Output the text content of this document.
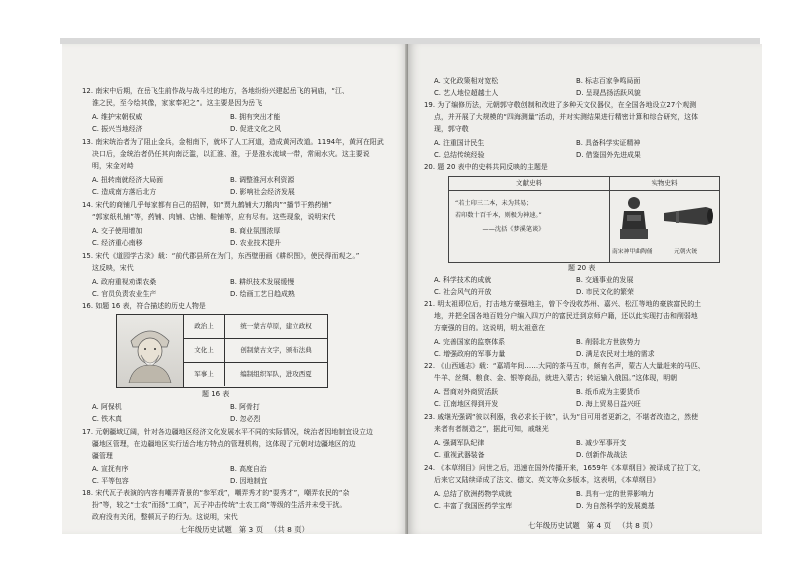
12. 南宋中后期，在岳飞生前作战与战斗过的地方，各地纷纷兴建起岳飞的祠庙，“江、
淮之民，至今绘其像，家家奉祀之”。这主要是因为岳飞
A. 维护宋朝权威	B. 拥有突出才能
C. 振兴当地经济	D. 促进文化之风
13. 南宋统治者为了阻止金兵，金相南下，就坏了人工河道，造成黄河改道。1194年，黄河在阳武
决口后，金统治者仍任其向南泛滥，以汇淮、淮，于是淮水流域一带，常闹水灾。这主要说
明，宋金对峙
A. 扭转南就经济大局面	B. 调整淮河水利资源
C. 造成南方落后北方	D. 影响社会经济发展
14. 宋代的商铺几乎每家都有自己的招牌，如“贾九鹤铺大刀鹅肉”“播节干熟药铺”
“郭家纸札铺”等，药铺、肉铺、店铺、鞋铺等，应有尽有。这些现象，说明宋代
A. 交子使用增加	B. 商业氛围浓厚
C. 经济重心南移	D. 农业技术提升
15. 宋代《道园学古录》载：“前代郡县所在为门，东西壁册画《耕织图》，使民得而观之。”
这反映，宋代
A. 政府重视劝课农桑	B. 耕织技术发展缓慢
C. 官员负责农业生产	D. 绘画工艺日趋成熟
16. 如题 16 表，符合描述的历史人物是
政治上	统一蒙古草原，建立政权
文化上	创制蒙古文字，颁布法典
军事上	编制组织军队，进攻西夏
题 16 表
A. 阿保机	B. 阿骨打
C. 铁木真	D. 忽必烈
17. 元朝疆域辽阔，针对各边疆地区经济文化发展水平不同的实际情况，统治者因地制宜设立边
疆地区管理，在边疆地区实行适合地方特点的管理机构，这体现了元朝对边疆地区的边
疆管理
A. 宣抚有序	B. 高度自治
C. 平等包容	D. 因地制宜
18. 宋代瓦子表演的内容有嘲弄背景的“参军戏”，嘲弄秀才的“耍秀才”，嘲弄农民的“杂
扮”等，较之“士农”而扬“工商”，瓦子冲击传统“士农工商”等级的生活并未受干扰。
政府没有关闭，整顿瓦子的行为。这说明，宋代
七年级历史试题   第 3 页   （共 8 页）
A. 文化政策相对宽松	B. 标志百家争鸣局面
C. 艺人地位超越士人	D. 呈现昌扬活跃风貌
19. 为了编修历法，元朝郭守敬创制和改进了多种天文仪器仪，在全国各地设立27个观测
点，并开展了大规模的“四海测量”活动，并对实测结果进行精密计算和综合研究，这体
现，郭守敬
A. 注重国计民生	B. 具备科学实证精神
C. 总结传统经验	D. 借鉴国外先进成果
20. 题 20 表中的史料共同反映的主题是
文献史料	实物史料
“若土印三二本，未为其易；
若印数十百千本，则极为神速。”
——沈括《梦溪笔谈》
南宋神甲曲陶俑	元朝火铳
题 20 表
A. 科学技术的成就	B. 交通事业的发展
C. 社会风气的开放	D. 市民文化的繁荣
21. 明太祖即位后，打击地方豪强地主，曾下令没收苏州、嘉兴、松江等地的豪族富民的土
地，并把全国各地百姓分户编入四万户的富民迁到京师户籍，还以此实现打击和削弱地
方豪强的目的。这说明，明太祖意在
A. 完善国家的监察体系	B. 削弱北方世族势力
C. 增强政府的军事力量	D. 满足农民对土地的需求
22. 《山西通志》载：“嘉靖年间……大同的茶马互市，颇有名声，蒙古人大量赶来的马匹、
牛羊、丝绸、粮食、金、银等商品，就进入蒙古；转运输入俄国。”这体现，明朝
A. 晋商对外商贸活跃	B. 纸币成为主要货币
C. 江南地区得到开发	D. 海上贸易日益兴旺
23. 戚继光强调“彼以利器，我必求长于彼”，认为“目可用者更新之，不堪者改造之，然使
来者有者制造之”，据此可知，戚继光
A. 强调军队纪律	B. 减少军事开支
C. 重视武器装备	D. 创新作战战法
24. 《本草纲目》问世之后，迅速在国外传播开来，1659年《本草纲目》被译成了拉丁文，
后来它又陆续译成了法文、德文、英文等众多版本，这表明，《本草纲目》
A. 总结了欧洲药物学成就	B. 具有一定的世界影响力
C. 丰富了我国医药学宝库	D. 为自然科学的发展奠基
七年级历史试题   第 4 页   （共 8 页）
